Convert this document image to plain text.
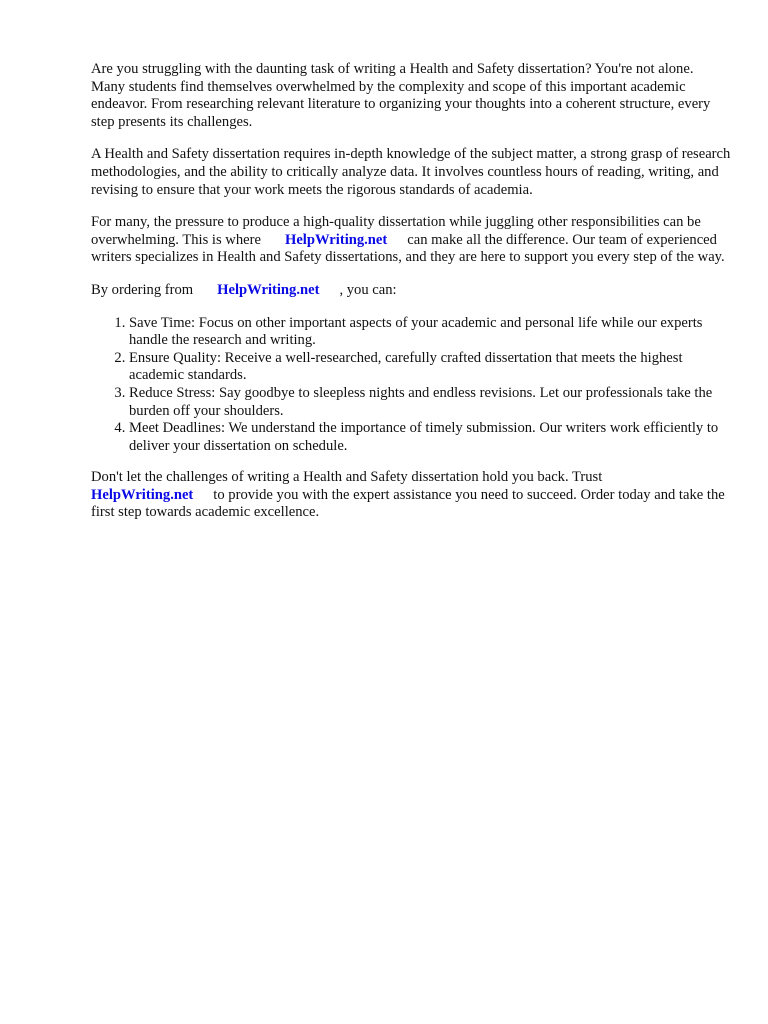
Are you struggling with the daunting task of writing a Health and Safety dissertation? You're not alone. Many students find themselves overwhelmed by the complexity and scope of this important academic endeavor. From researching relevant literature to organizing your thoughts into a coherent structure, every step presents its challenges.

A Health and Safety dissertation requires in-depth knowledge of the subject matter, a strong grasp of research methodologies, and the ability to critically analyze data. It involves countless hours of reading, writing, and revising to ensure that your work meets the rigorous standards of academia.

For many, the pressure to produce a high-quality dissertation while juggling other responsibilities can be overwhelming. This is where HelpWriting.net can make all the difference. Our team of experienced writers specializes in Health and Safety dissertations, and they are here to support you every step of the way.

By ordering from HelpWriting.net , you can:

1. Save Time: Focus on other important aspects of your academic and personal life while our experts handle the research and writing.
2. Ensure Quality: Receive a well-researched, carefully crafted dissertation that meets the highest academic standards.
3. Reduce Stress: Say goodbye to sleepless nights and endless revisions. Let our professionals take the burden off your shoulders.
4. Meet Deadlines: We understand the importance of timely submission. Our writers work efficiently to deliver your dissertation on schedule.

Don't let the challenges of writing a Health and Safety dissertation hold you back. Trust
HelpWriting.net to provide you with the expert assistance you need to succeed. Order today and take the first step towards academic excellence.
